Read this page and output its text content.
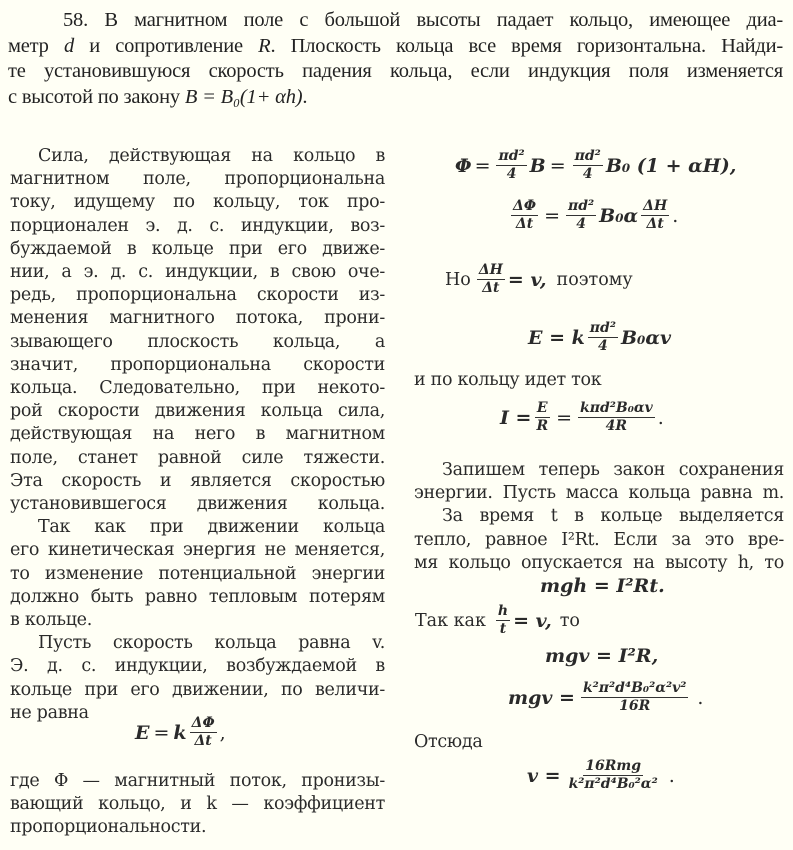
58. В магнитном поле с большой высоты падает кольцо, имеющее диа-
метр d и сопротивление R. Плоскость кольца все время горизонтальна. Найди-
те установившуюся скорость падения кольца, если индукция поля изменяется
с высотой по закону B = B₀(1+ αh).
Сила, действующая на кольцо в
магнитном поле, пропорциональна
току, идущему по кольцу, ток про-
порционален э. д. с. индукции, воз-
буждаемой в кольце при его движе-
нии, а э. д. с. индукции, в свою оче-
редь, пропорциональна скорости из-
менения магнитного потока, прони-
зывающего плоскость кольца, а
значит, пропорциональна скорости
кольца. Следовательно, при некото-
рой скорости движения кольца сила,
действующая на него в магнитном
поле, станет равной силе тяжести.
Эта скорость и является скоростью
установившегося движения кольца.
Так как при движении кольца
его кинетическая энергия не меняется,
то изменение потенциальной энергии
должно быть равно тепловым потерям
в кольце.
Пусть скорость кольца равна v.
Э. д. с. индукции, возбуждаемой в
кольце при его движении, по величи-
не равна
E = k $\frac{\Delta\Phi}{\Delta t}$ ,
где Φ — магнитный поток, пронизы-
вающий кольцо, и k — коэффициент
пропорциональности.
$\Phi = \frac{\text{πd²}}{4}$ $B = \frac{\text{πd²}}{4} B_0$ (1 + αH),
$\frac{\Delta\Phi}{\Delta t} = \frac{\text{πd²}}{4} B_0\alpha \frac{\Delta H}{\Delta t}$ .
Но $\frac{\Delta H}{\Delta t} = v$, поэтому
E = k $\frac{\text{πd²}}{4} B_0\alpha v$
и по кольцу идет ток
$I = \frac{E}{R} = \frac{\text{kπd²B₀αv}}{4R}$ .
Запишем теперь закон сохранения
энергии. Пусть масса кольца равна m.
За время t в кольце выделяется
тепло, равное I²Rt. Если за это вре-
мя кольцо опускается на высоту h, то
mgh = I²Rt.
Так как $\frac{h}{t} = v$, то
mgv = I²R,
mgv = $\frac{\text{k²π²d⁴B₀²α²v²}}{16R}$ .
Отсюда
$v = \frac{\text{16Rmg}}{\text{k²π²d⁴B₀²α²}}$ .
